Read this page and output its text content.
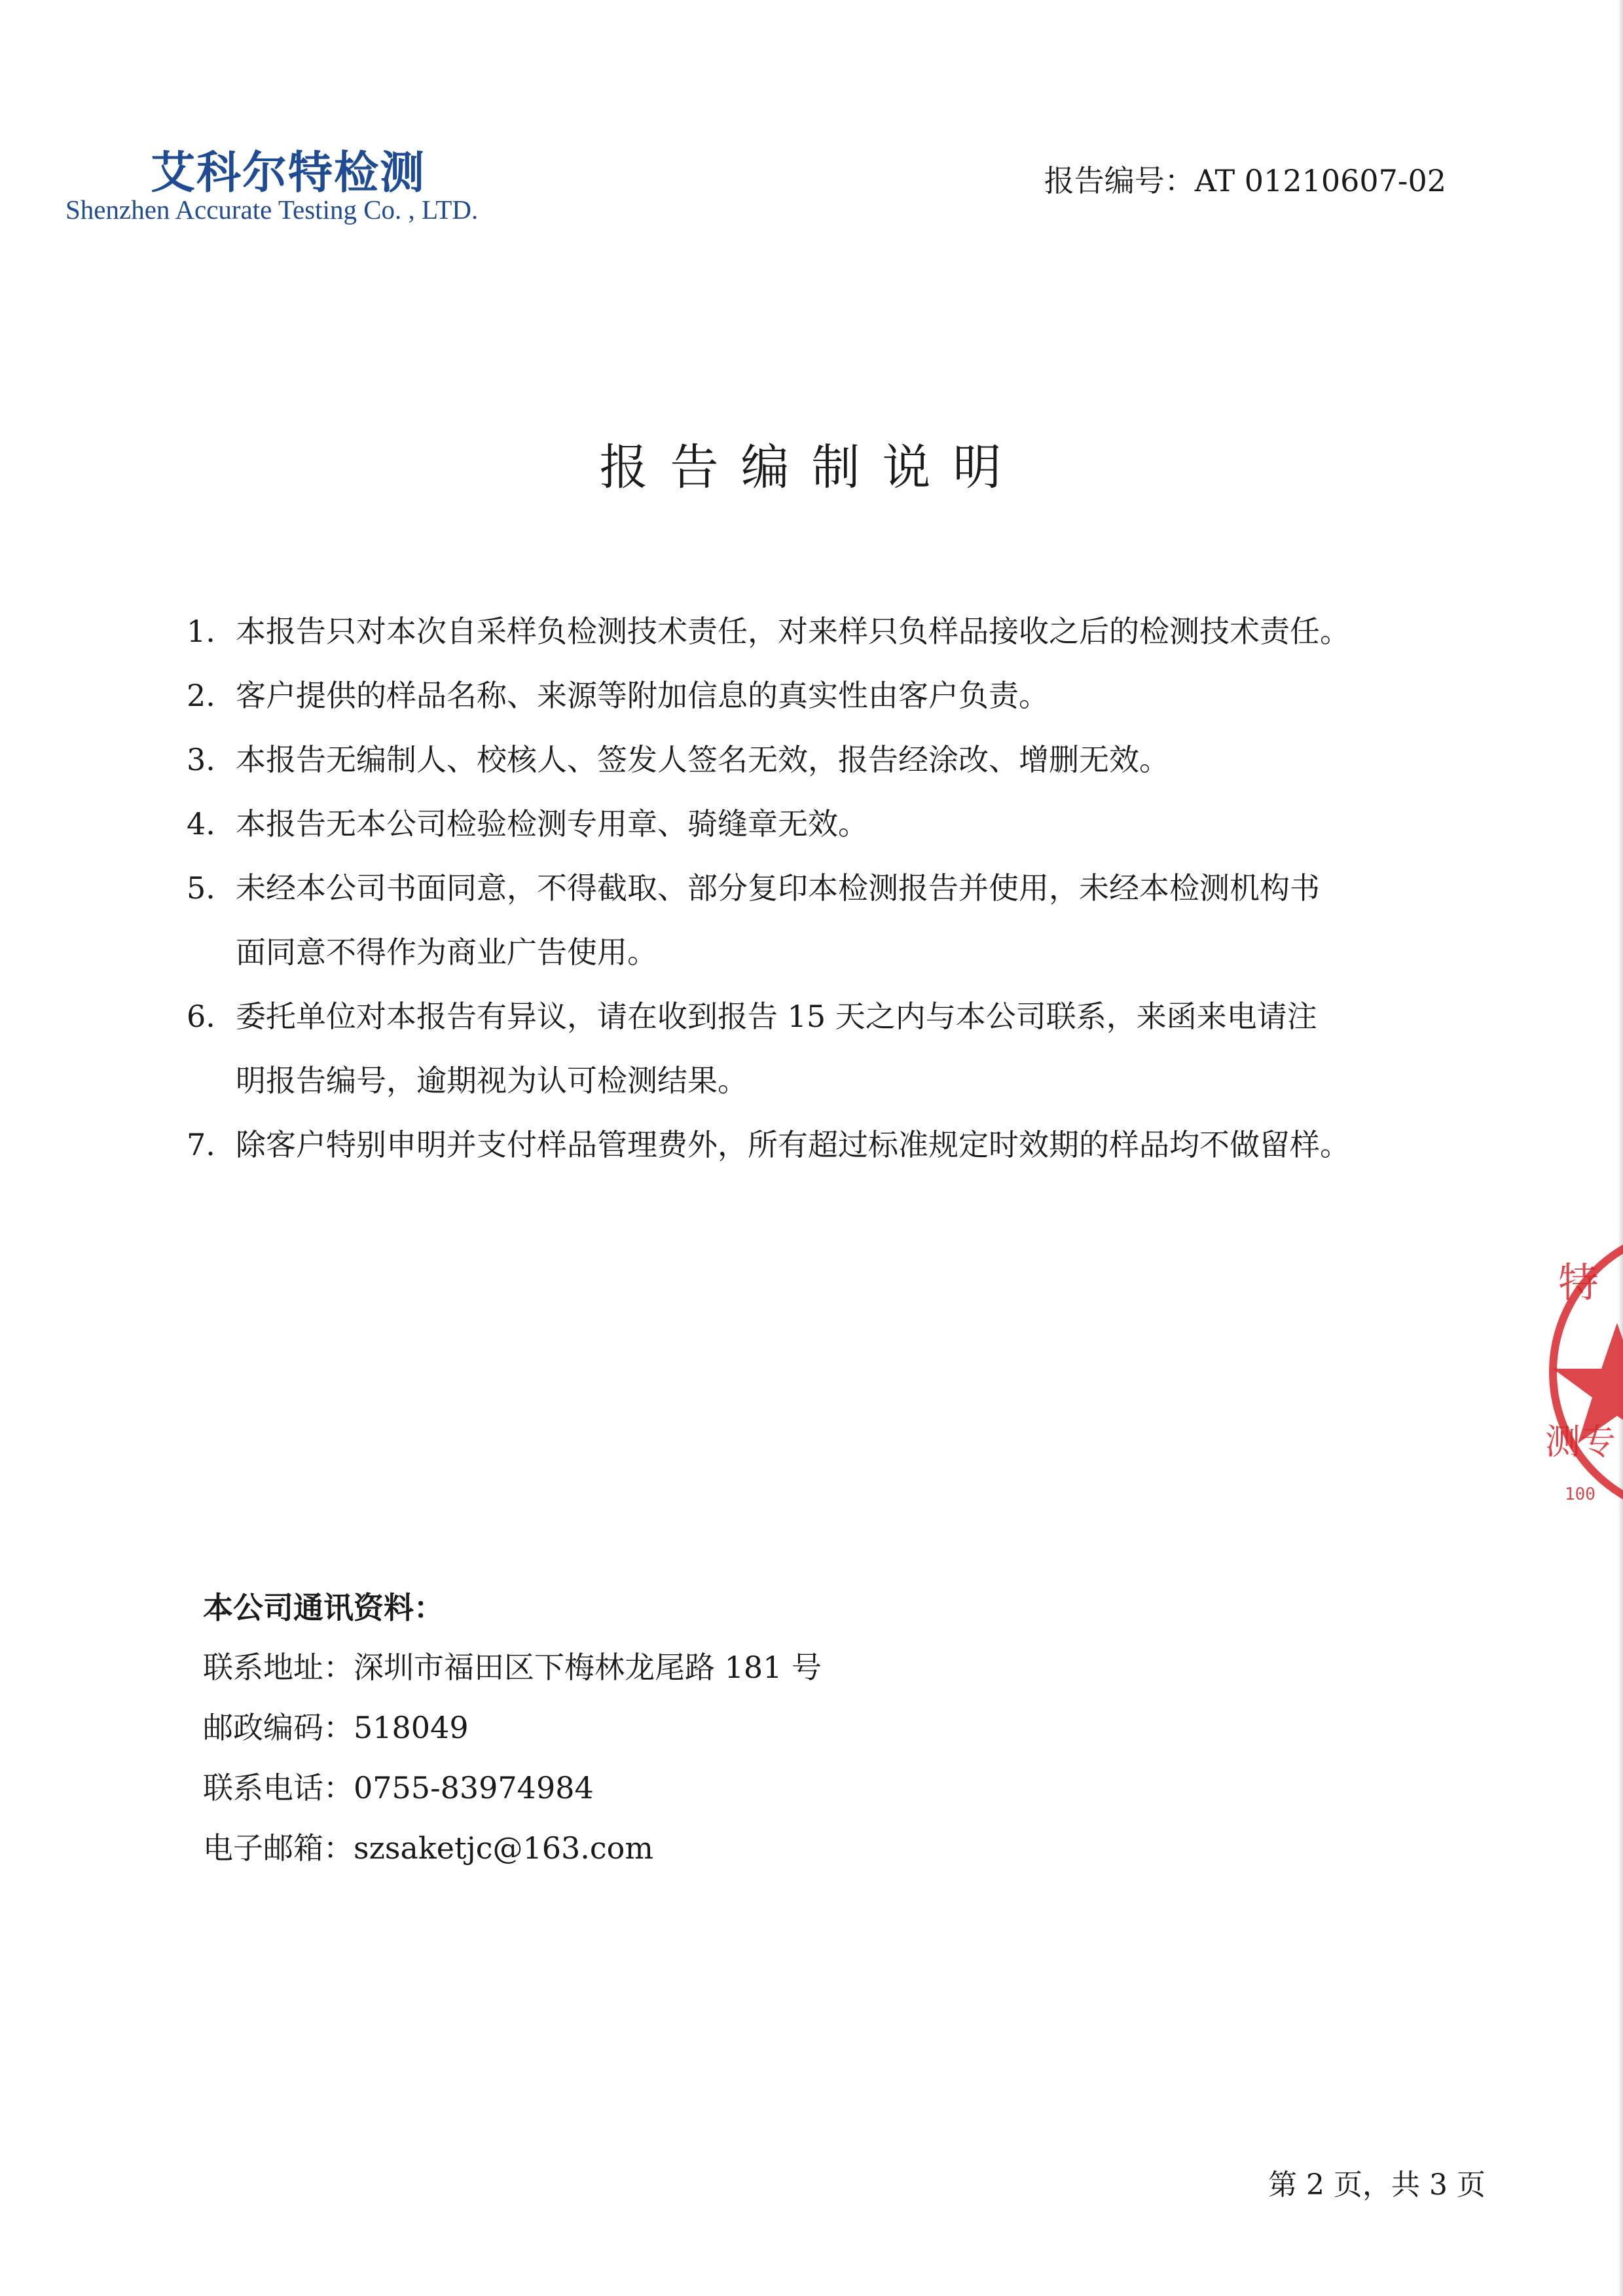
艾科尔特检测
Shenzhen Accurate Testing Co. , LTD.
报告编号：AT 01210607-02
报告编制说明
1. 本报告只对本次自采样负检测技术责任，对来样只负样品接收之后的检测技术责任。
2. 客户提供的样品名称、来源等附加信息的真实性由客户负责。
3. 本报告无编制人、校核人、签发人签名无效，报告经涂改、增删无效。
4. 本报告无本公司检验检测专用章、骑缝章无效。
5. 未经本公司书面同意，不得截取、部分复印本检测报告并使用，未经本检测机构书
面同意不得作为商业广告使用。
6. 委托单位对本报告有异议，请在收到报告 15 天之内与本公司联系，来函来电请注
明报告编号，逾期视为认可检测结果。
7. 除客户特别申明并支付样品管理费外，所有超过标准规定时效期的样品均不做留样。
特
测专
100
本公司通讯资料：
联系地址：深圳市福田区下梅林龙尾路 181 号
邮政编码：518049
联系电话：0755-83974984
电子邮箱：szsaketjc@163.com
第 2 页，共 3 页
